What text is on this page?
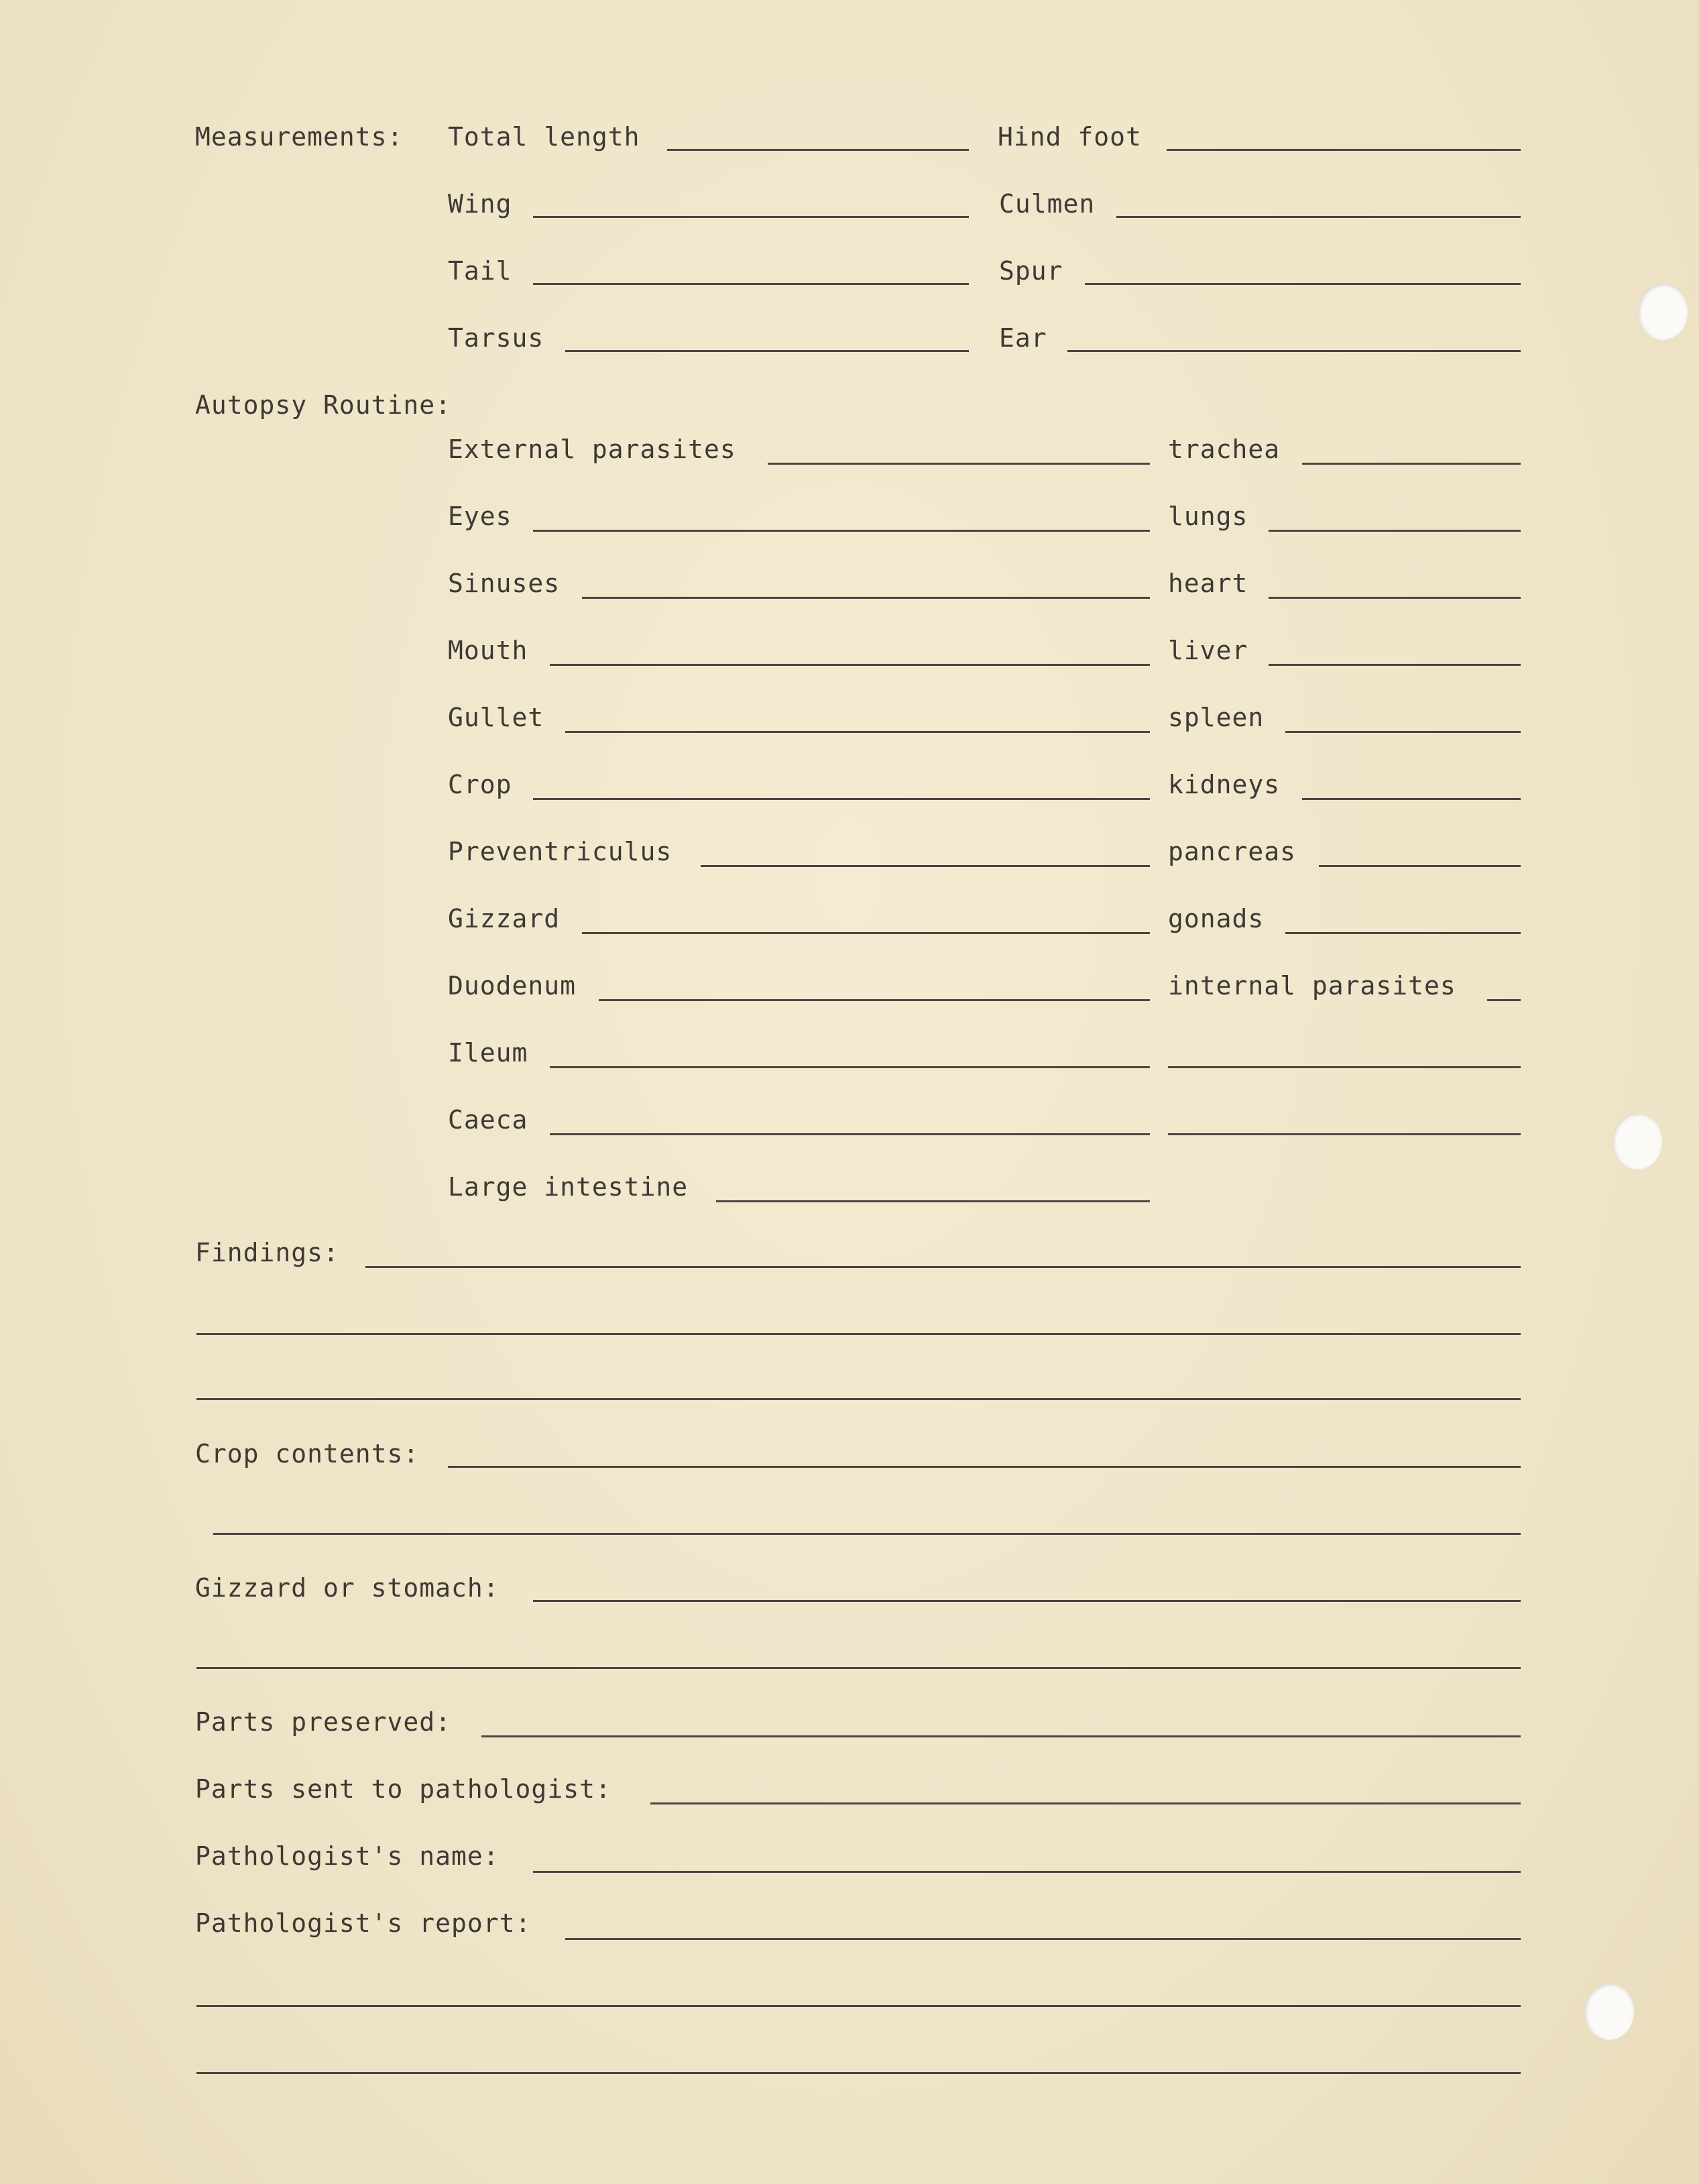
Measurements: Total length	Hind foot
Wing	Culmen
Tail	Spur
Tarsus	Ear
Autopsy Routine:
External parasites	trachea
Eyes	lungs
Sinuses	heart
Mouth	liver
Gullet	spleen
Crop	kidneys
Preventriculus	pancreas
Gizzard	gonads
Duodenum	internal parasites
Ileum
Caeca
Large intestine
Findings:
Crop contents:
Gizzard or stomach:
Parts preserved:
Parts sent to pathologist:
Pathologist's name:
Pathologist's report:
